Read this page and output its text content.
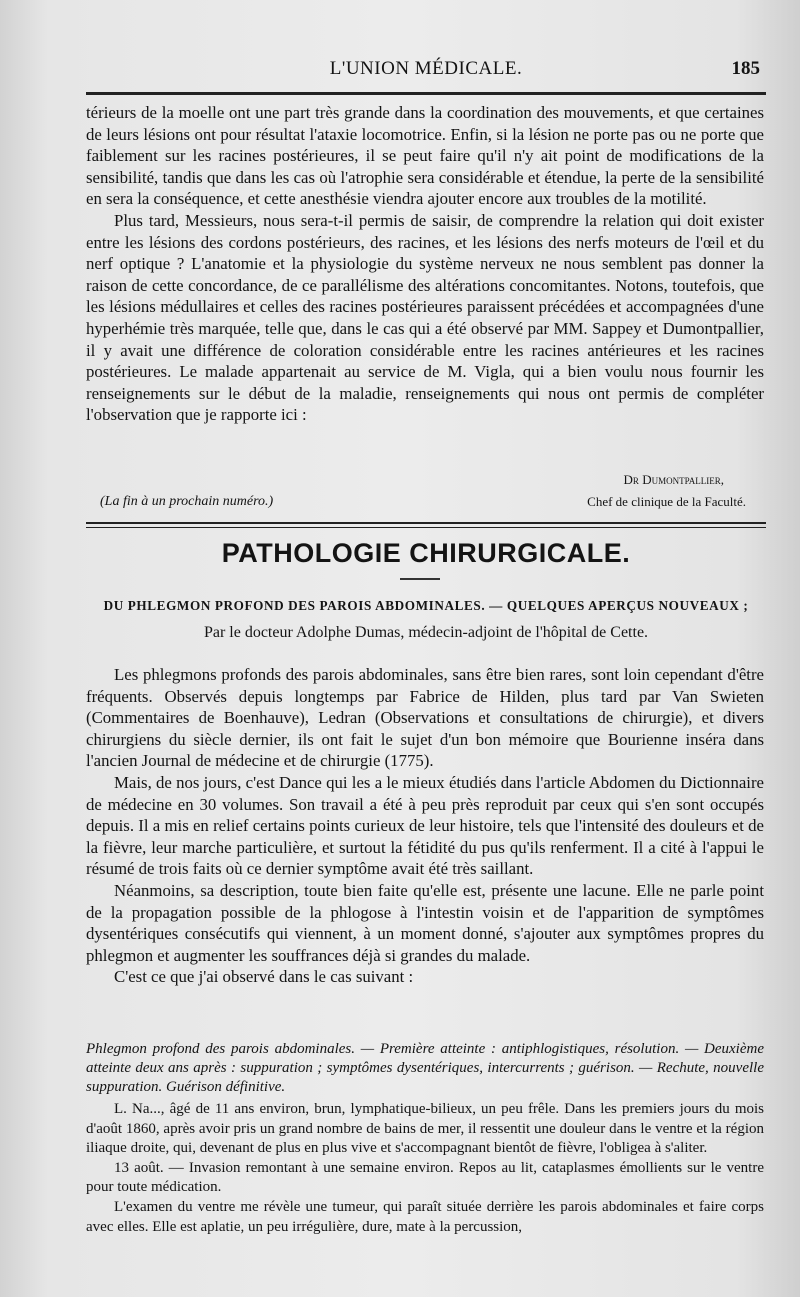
L'UNION MÉDICALE.	185

térieurs de la moelle ont une part très grande dans la coordination des mouvements, et que certaines de leurs lésions ont pour résultat l'ataxie locomotrice. Enfin, si la lésion ne porte pas ou ne porte que faiblement sur les racines postérieures, il se peut faire qu'il n'y ait point de modifications de la sensibilité, tandis que dans les cas où l'atrophie sera considérable et étendue, la perte de la sensibilité en sera la conséquence, et cette anesthésie viendra ajouter encore aux troubles de la motilité.

Plus tard, Messieurs, nous sera-t-il permis de saisir, de comprendre la relation qui doit exister entre les lésions des cordons postérieurs, des racines, et les lésions des nerfs moteurs de l'œil et du nerf optique ? L'anatomie et la physiologie du système nerveux ne nous semblent pas donner la raison de cette concordance, de ce parallélisme des altérations concomitantes. Notons, toutefois, que les lésions médullaires et celles des racines postérieures paraissent précédées et accompagnées d'une hyperhémie très marquée, telle que, dans le cas qui a été observé par MM. Sappey et Dumontpallier, il y avait une différence de coloration considérable entre les racines antérieures et les racines postérieures. Le malade appartenait au service de M. Vigla, qui a bien voulu nous fournir les renseignements sur le début de la maladie, renseignements qui nous ont permis de compléter l'observation que je rapporte ici :

Dr Dumontpallier,
(La fin à un prochain numéro.)	Chef de clinique de la Faculté.
PATHOLOGIE CHIRURGICALE.
DU PHLEGMON PROFOND DES PAROIS ABDOMINALES. — QUELQUES APERÇUS NOUVEAUX ;
Par le docteur Adolphe Dumas, médecin-adjoint de l'hôpital de Cette.

Les phlegmons profonds des parois abdominales, sans être bien rares, sont loin cependant d'être fréquents. Observés depuis longtemps par Fabrice de Hilden, plus tard par Van Swieten (Commentaires de Boenhauve), Ledran (Observations et consultations de chirurgie), et divers chirurgiens du siècle dernier, ils ont fait le sujet d'un bon mémoire que Bourienne inséra dans l'ancien Journal de médecine et de chirurgie (1775).

Mais, de nos jours, c'est Dance qui les a le mieux étudiés dans l'article Abdomen du Dictionnaire de médecine en 30 volumes. Son travail a été à peu près reproduit par ceux qui s'en sont occupés depuis. Il a mis en relief certains points curieux de leur histoire, tels que l'intensité des douleurs et de la fièvre, leur marche particulière, et surtout la fétidité du pus qu'ils renferment. Il a cité à l'appui le résumé de trois faits où ce dernier symptôme avait été très saillant.

Néanmoins, sa description, toute bien faite qu'elle est, présente une lacune. Elle ne parle point de la propagation possible de la phlogose à l'intestin voisin et de l'apparition de symptômes dysentériques consécutifs qui viennent, à un moment donné, s'ajouter aux symptômes propres du phlegmon et augmenter les souffrances déjà si grandes du malade.

C'est ce que j'ai observé dans le cas suivant :

Phlegmon profond des parois abdominales. — Première atteinte : antiphlogistiques, résolution. — Deuxième atteinte deux ans après : suppuration ; symptômes dysentériques, intercurrents ; guérison. — Rechute, nouvelle suppuration. Guérison définitive.

L. Na..., âgé de 11 ans environ, brun, lymphatique-bilieux, un peu frêle. Dans les premiers jours du mois d'août 1860, après avoir pris un grand nombre de bains de mer, il ressentit une douleur dans le ventre et la région iliaque droite, qui, devenant de plus en plus vive et s'accompagnant bientôt de fièvre, l'obligea à s'aliter.

13 août. — Invasion remontant à une semaine environ. Repos au lit, cataplasmes émollients sur le ventre pour toute médication.

L'examen du ventre me révèle une tumeur, qui paraît située derrière les parois abdominales et faire corps avec elles. Elle est aplatie, un peu irrégulière, dure, mate à la percussion,
